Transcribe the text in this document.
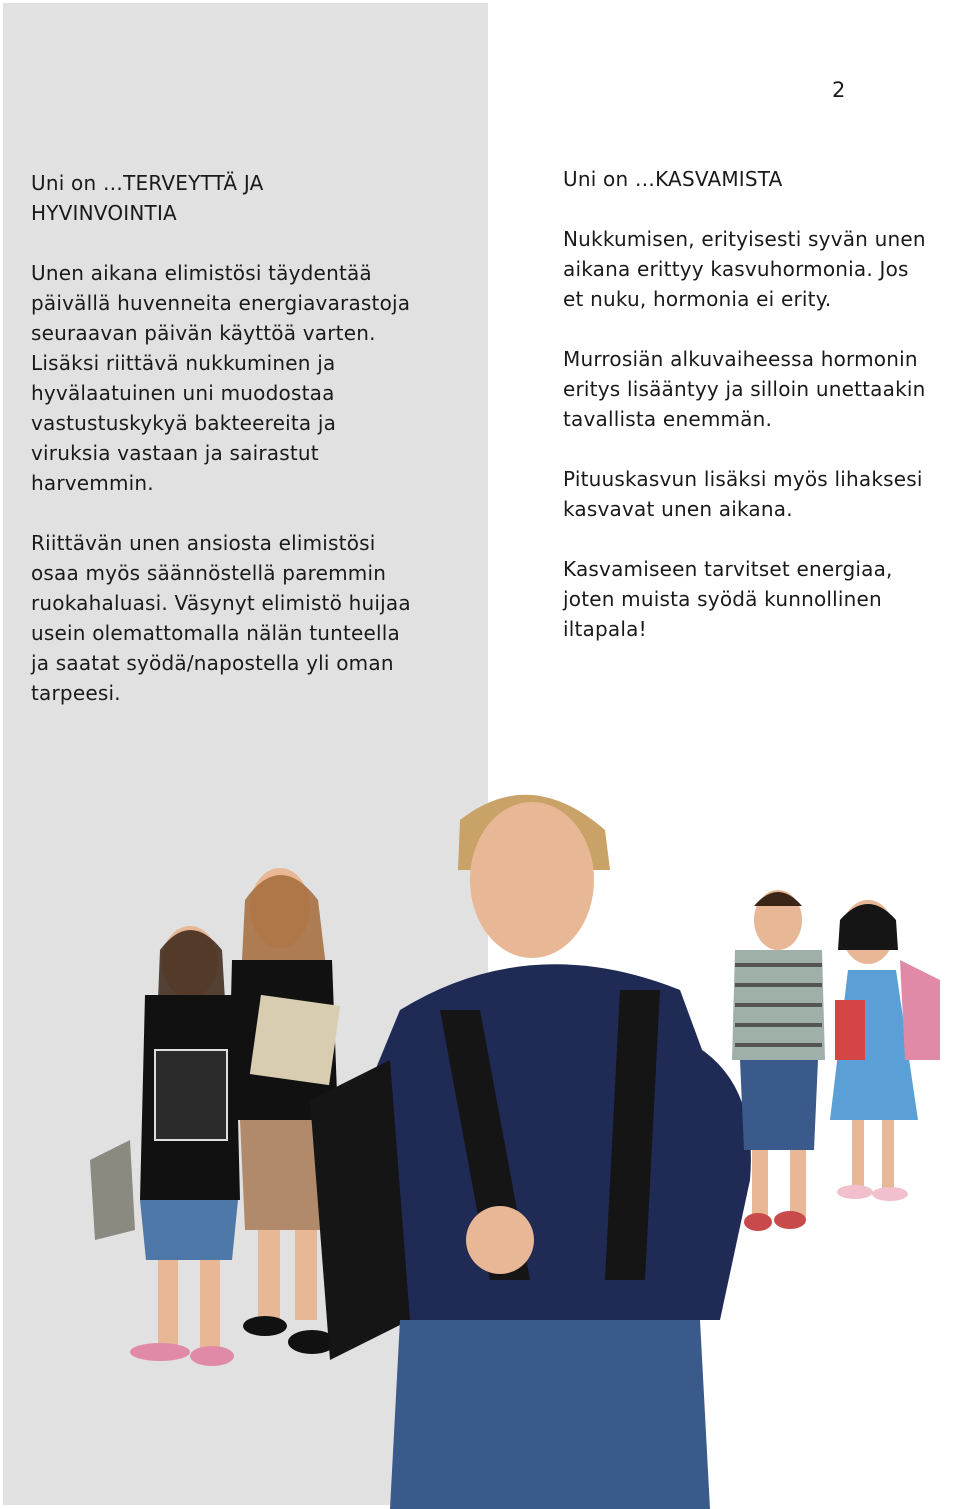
2

Uni on …TERVEYTTÄ JA
HYVINVOINTIA

Unen aikana elimistösi täydentää
päivällä huvenneita energiavarastoja
seuraavan päivän käyttöä varten.
Lisäksi riittävä nukkuminen ja
hyvälaatuinen uni muodostaa
vastustuskykyä bakteereita ja
viruksia vastaan ja sairastut
harvemmin.

Riittävän unen ansiosta elimistösi
osaa myös säännöstellä paremmin
ruokahaluasi. Väsynyt elimistö huijaa
usein olemattomalla nälän tunteella
ja saatat syödä/napostella yli oman
tarpeesi.

Uni on …KASVAMISTA

Nukkumisen, erityisesti syvän unen
aikana erittyy kasvuhormonia. Jos
et nuku, hormonia ei erity.

Murrosiän alkuvaiheessa hormonin
eritys lisääntyy ja silloin unettaakin
tavallista enemmän.

Pituuskasvun lisäksi myös lihaksesi
kasvavat unen aikana.

Kasvamiseen tarvitset energiaa,
joten muista syödä kunnollinen
iltapala!
